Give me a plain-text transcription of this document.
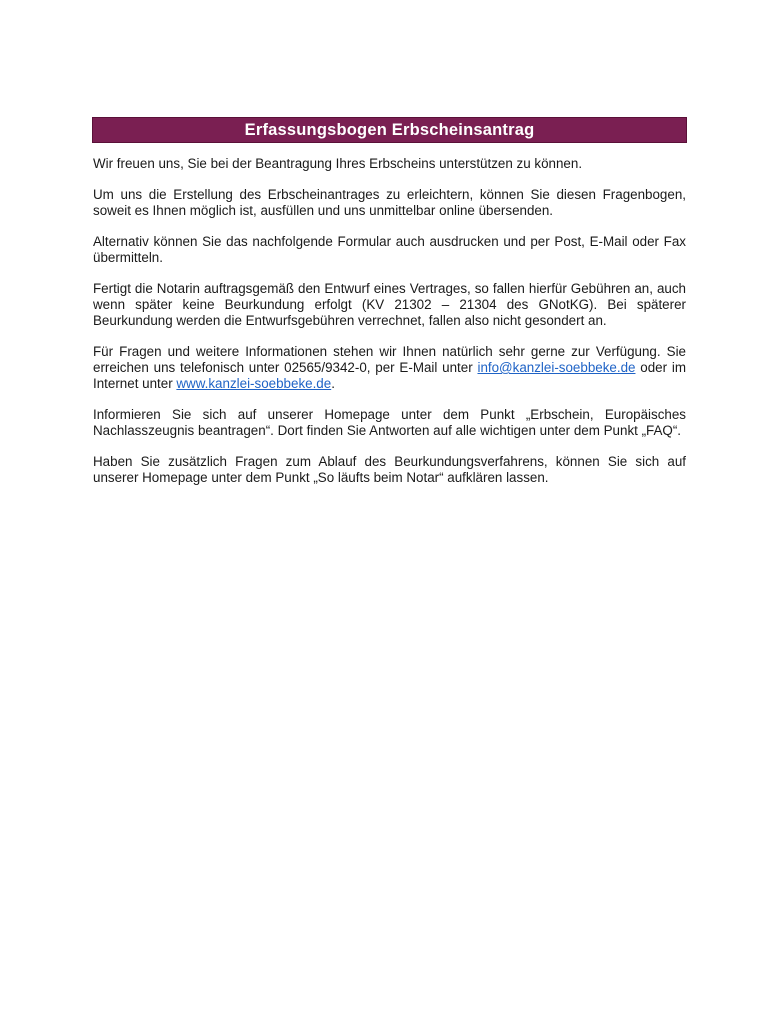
Erfassungsbogen Erbscheinsantrag

Wir freuen uns, Sie bei der Beantragung Ihres Erbscheins unterstützen zu können.

Um uns die Erstellung des Erbscheinantrages zu erleichtern, können Sie diesen Fragenbogen, soweit es Ihnen möglich ist, ausfüllen und uns unmittelbar online übersenden.

Alternativ können Sie das nachfolgende Formular auch ausdrucken und per Post, E-Mail oder Fax übermitteln.

Fertigt die Notarin auftragsgemäß den Entwurf eines Vertrages, so fallen hierfür Gebühren an, auch wenn später keine Beurkundung erfolgt (KV 21302 – 21304 des GNotKG). Bei späterer Beurkundung werden die Entwurfsgebühren verrechnet, fallen also nicht gesondert an.

Für Fragen und weitere Informationen stehen wir Ihnen natürlich sehr gerne zur Verfügung. Sie erreichen uns telefonisch unter 02565/9342-0, per E-Mail unter info@kanzlei-soebbeke.de oder im Internet unter www.kanzlei-soebbeke.de.

Informieren Sie sich auf unserer Homepage unter dem Punkt „Erbschein, Europäisches Nachlasszeugnis beantragen“. Dort finden Sie Antworten auf alle wichtigen unter dem Punkt „FAQ“.

Haben Sie zusätzlich Fragen zum Ablauf des Beurkundungsverfahrens, können Sie sich auf unserer Homepage unter dem Punkt „So läufts beim Notar“ aufklären lassen.
